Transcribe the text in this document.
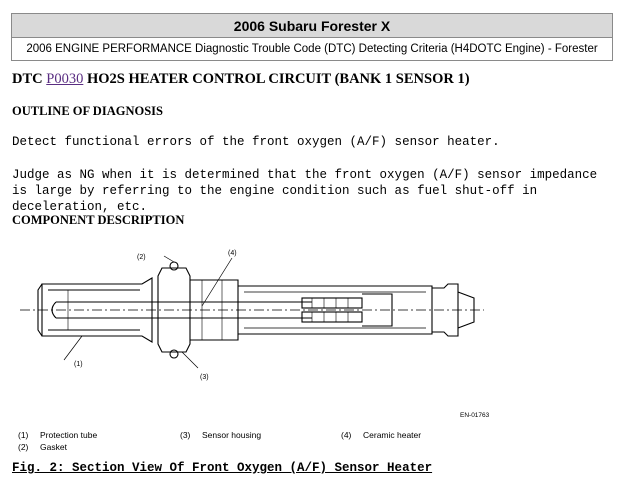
2006 Subaru Forester X
2006 ENGINE PERFORMANCE Diagnostic Trouble Code (DTC) Detecting Criteria (H4DOTC Engine) - Forester
DTC P0030 HO2S HEATER CONTROL CIRCUIT (BANK 1 SENSOR 1)
OUTLINE OF DIAGNOSIS
Detect functional errors of the front oxygen (A/F) sensor heater.
Judge as NG when it is determined that the front oxygen (A/F) sensor impedance is large by referring to the engine condition such as fuel shut-off in deceleration, etc.
COMPONENT DESCRIPTION
(1)
(2)
(3)
(4)
EN-01763
(1) Protection tube
(2) Gasket
(3) Sensor housing	(4) Ceramic heater
Fig. 2: Section View Of Front Oxygen (A/F) Sensor Heater
